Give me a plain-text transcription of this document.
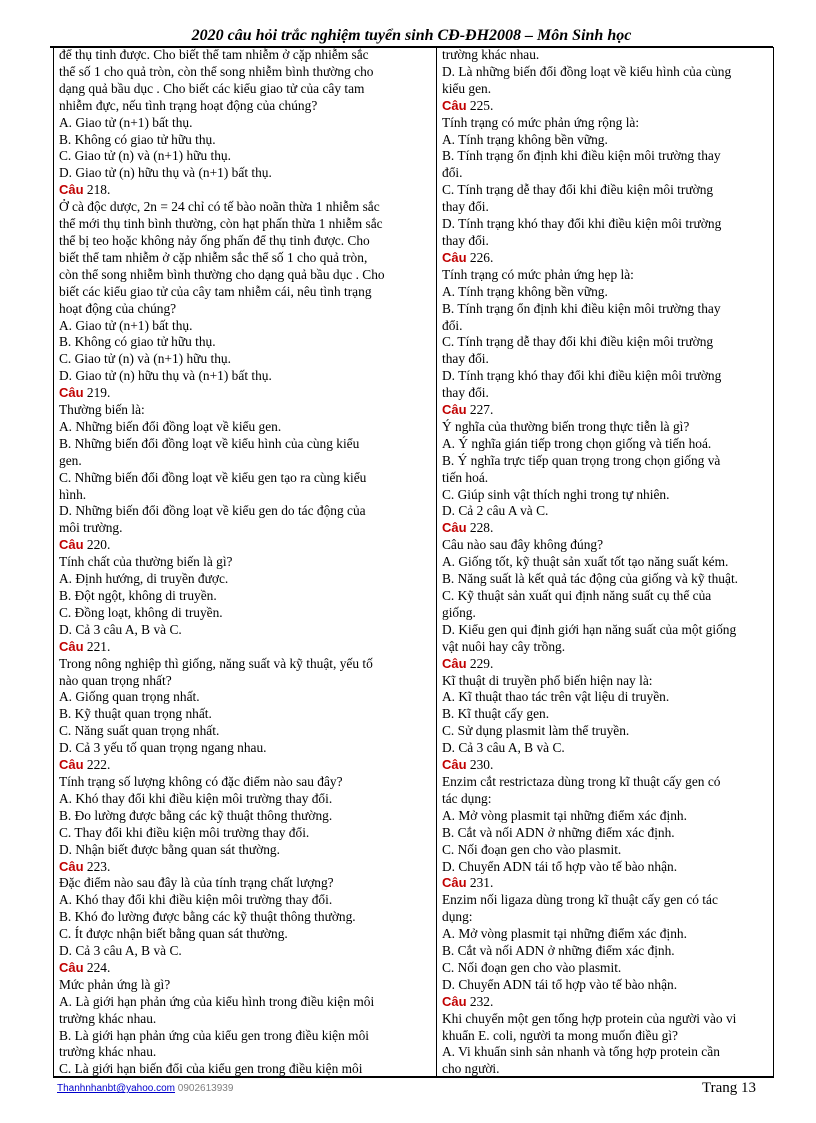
2020 câu hỏi trắc nghiệm tuyển sinh CĐ-ĐH2008 – Môn Sinh học
để thụ tinh được. Cho biết thể tam nhiễm ở cặp nhiễm sắc
thể số 1 cho quả tròn, còn thể song nhiễm bình thường cho
dạng quả bầu dục . Cho biết các kiểu giao tử của cây tam
nhiễm đực, nếu tình trạng hoạt động của chúng?
A. Giao tử (n+1) bất thụ.
B. Không có giao tử hữu thụ.
C. Giao tử (n) và (n+1) hữu thụ.
D. Giao tử (n) hữu thụ và (n+1) bất thụ.
Câu 218.
Ở cà độc dược, 2n = 24 chỉ có tế bào noãn thừa 1 nhiễm sắc
thể mới thụ tinh bình thường, còn hạt phấn thừa 1 nhiễm sắc
thể bị teo hoặc không nảy ống phấn để thụ tinh được. Cho
biết thể tam nhiễm ở cặp nhiễm sắc thể số 1 cho quả tròn,
còn thể song nhiễm bình thường cho dạng quả bầu dục . Cho
biết các kiểu giao tử của cây tam nhiễm cái, nêu tình trạng
hoạt động của chúng?
A. Giao tử (n+1) bất thụ.
B. Không có giao tử hữu thụ.
C. Giao tử (n) và (n+1) hữu thụ.
D. Giao tử (n) hữu thụ và (n+1) bất thụ.
Câu 219.
Thường biến là:
A. Những biến đổi đồng loạt về kiểu gen.
B. Những biến đổi đồng loạt về kiểu hình của cùng kiểu
gen.
C. Những biến đổi đồng loạt về kiểu gen tạo ra cùng kiểu
hình.
D. Những biến đổi đồng loạt về kiểu gen do tác động của
môi trường.
Câu 220.
Tính chất của thường biến là gì?
A. Định hướng, di truyền được.
B. Đột ngột, không di truyền.
C. Đồng loạt, không di truyền.
D. Cả 3 câu A, B và C.
Câu 221.
Trong nông nghiệp thì giống, năng suất và kỹ thuật, yếu tố
nào quan trọng nhất?
A. Giống quan trọng nhất.
B. Kỹ thuật quan trọng nhất.
C. Năng suất quan trọng nhất.
D. Cả 3 yếu tố quan trọng ngang nhau.
Câu 222.
Tính trạng số lượng không có đặc điểm nào sau đây?
A. Khó thay đổi khi điều kiện môi trường thay đổi.
B. Đo lường được bằng các kỹ thuật thông thường.
C. Thay đổi khi điều kiện môi trường thay đổi.
D. Nhận biết được bằng quan sát thường.
Câu 223.
Đặc điểm nào sau đây là của tính trạng chất lượng?
A. Khó thay đổi khi điều kiện môi trường thay đổi.
B. Khó đo lường được bằng các kỹ thuật thông thường.
C. Ít được nhận biết bằng quan sát thường.
D. Cả 3 câu A, B và C.
Câu 224.
Mức phản ứng là gì?
A. Là giới hạn phản ứng của kiểu hình trong điều kiện môi
trường khác nhau.
B. Là giới hạn phản ứng của kiểu gen trong điều kiện môi
trường khác nhau.
C. Là giới hạn biến đổi của kiểu gen trong điều kiện môi
trường khác nhau.
D. Là những biến đổi đồng loạt về kiểu hình của cùng
kiểu gen.
Câu 225.
Tính trạng có mức phản ứng rộng là:
A. Tính trạng không bền vững.
B. Tính trạng ổn định khi điều kiện môi trường thay
đổi.
C. Tính trạng dễ thay đổi khi điều kiện môi trường
thay đổi.
D. Tính trạng khó thay đổi khi điều kiện môi trường
thay đổi.
Câu 226.
Tính trạng có mức phản ứng hẹp là:
A. Tính trạng không bền vững.
B. Tính trạng ổn định khi điều kiện môi trường thay
đổi.
C. Tính trạng dễ thay đổi khi điều kiện môi trường
thay đổi.
D. Tính trạng khó thay đổi khi điều kiện môi trường
thay đổi.
Câu 227.
Ý nghĩa của thường biến trong thực tiễn là gì?
A. Ý nghĩa gián tiếp trong chọn giống và tiến hoá.
B. Ý nghĩa trực tiếp quan trọng trong chọn giống và
tiến hoá.
C. Giúp sinh vật thích nghi trong tự nhiên.
D. Cả 2 câu A và C.
Câu 228.
Câu nào sau đây không đúng?
A. Giống tốt, kỹ thuật sản xuất tốt tạo năng suất kém.
B. Năng suất là kết quả tác động của giống và kỹ thuật.
C. Kỹ thuật sản xuất qui định năng suất cụ thể của
giống.
D. Kiểu gen qui định giới hạn năng suất của một giống
vật nuôi hay cây trồng.
Câu 229.
Kĩ thuật di truyền phổ biến hiện nay là:
A. Kĩ thuật thao tác trên vật liệu di truyền.
B. Kĩ thuật cấy gen.
C. Sử dụng plasmit làm thể truyền.
D. Cả 3 câu A, B và C.
Câu 230.
Enzim cắt restrictaza dùng trong kĩ thuật cấy gen có
tác dụng:
A. Mở vòng plasmit tại những điểm xác định.
B. Cắt và nối ADN ở những điểm xác định.
C. Nối đoạn gen cho vào plasmit.
D. Chuyển ADN tái tổ hợp vào tế bào nhận.
Câu 231.
Enzim nối ligaza dùng trong kĩ thuật cấy gen có tác
dụng:
A. Mở vòng plasmit tại những điểm xác định.
B. Cắt và nối ADN ở những điểm xác định.
C. Nối đoạn gen cho vào plasmit.
D. Chuyển ADN tái tổ hợp vào tế bào nhận.
Câu 232.
Khi chuyển một gen tổng hợp protein của người vào vi
khuẩn E. coli, người ta mong muốn điều gì?
A. Vi khuẩn sinh sản nhanh và tổng hợp protein cần
cho người.
Thanhnhanbt@yahoo.com 0902613939	Trang 13
